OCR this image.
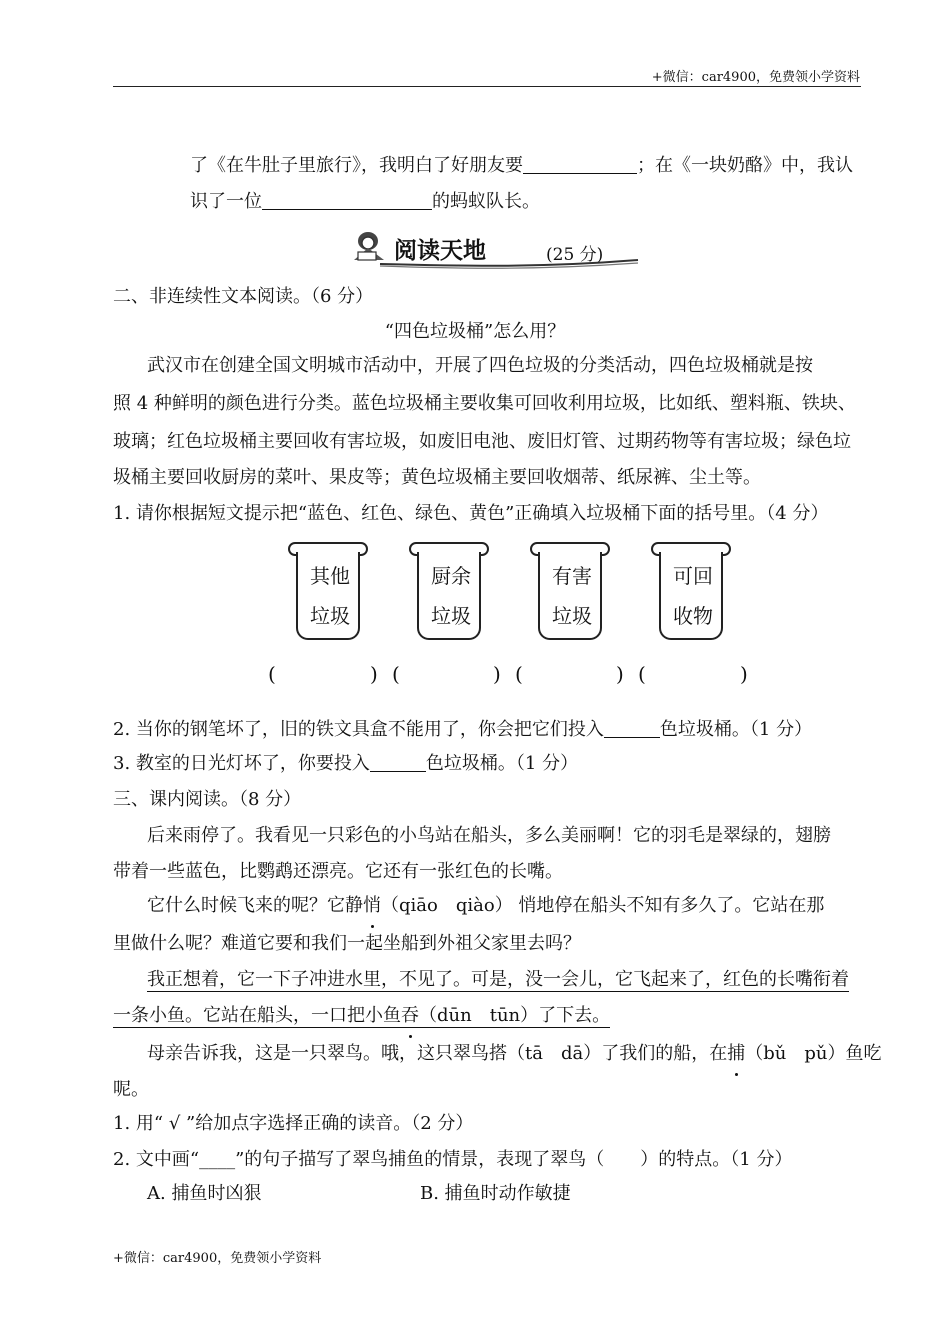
+微信：car4900，免费领小学资料
了《在牛肚子里旅行》，我明白了好朋友要	；在《一块奶酪》中，我认
识了一位	的蚂蚁队长。
阅读天地	(25 分)
二、非连续性文本阅读。（6 分）
“四色垃圾桶”怎么用？
武汉市在创建全国文明城市活动中，开展了四色垃圾的分类活动，四色垃圾桶就是按
照 4 种鲜明的颜色进行分类。蓝色垃圾桶主要收集可回收利用垃圾，比如纸、塑料瓶、铁块、
玻璃；红色垃圾桶主要回收有害垃圾，如废旧电池、废旧灯管、过期药物等有害垃圾；绿色垃
圾桶主要回收厨房的菜叶、果皮等；黄色垃圾桶主要回收烟蒂、纸尿裤、尘土等。
1. 请你根据短文提示把“蓝色、红色、绿色、黄色”正确填入垃圾桶下面的括号里。（4 分）
其他
垃圾
厨余
垃圾
有害
垃圾
可回
收物
(	) (	) (	) (	)
2. 当你的钢笔坏了，旧的铁文具盒不能用了，你会把它们投入	色垃圾桶。（1 分）
3. 教室的日光灯坏了，你要投入	色垃圾桶。（1 分）
三、课内阅读。（8 分）
后来雨停了。我看见一只彩色的小鸟站在船头，多么美丽啊！它的羽毛是翠绿的，翅膀
带着一些蓝色，比鹦鹉还漂亮。它还有一张红色的长嘴。
它什么时候飞来的呢？它静悄（qiāo　qiào） 悄地停在船头不知有多久了。它站在那
里做什么呢？难道它要和我们一起坐船到外祖父家里去吗？
我正想着，它一下子冲进水里，不见了。可是，没一会儿，它飞起来了，红色的长嘴衔着
一条小鱼。它站在船头，一口把小鱼吞（dūn　tūn）了下去。
母亲告诉我，这是一只翠鸟。哦，这只翠鸟搭（tā　dā）了我们的船，在捕（bǔ　pǔ）鱼吃
呢。
1. 用“ √ ”给加点字选择正确的读音。（2 分）
2. 文中画“____”的句子描写了翠鸟捕鱼的情景，表现了翠鸟（　　）的特点。（1 分）
A. 捕鱼时凶狠	B. 捕鱼时动作敏捷
+微信：car4900，免费领小学资料
